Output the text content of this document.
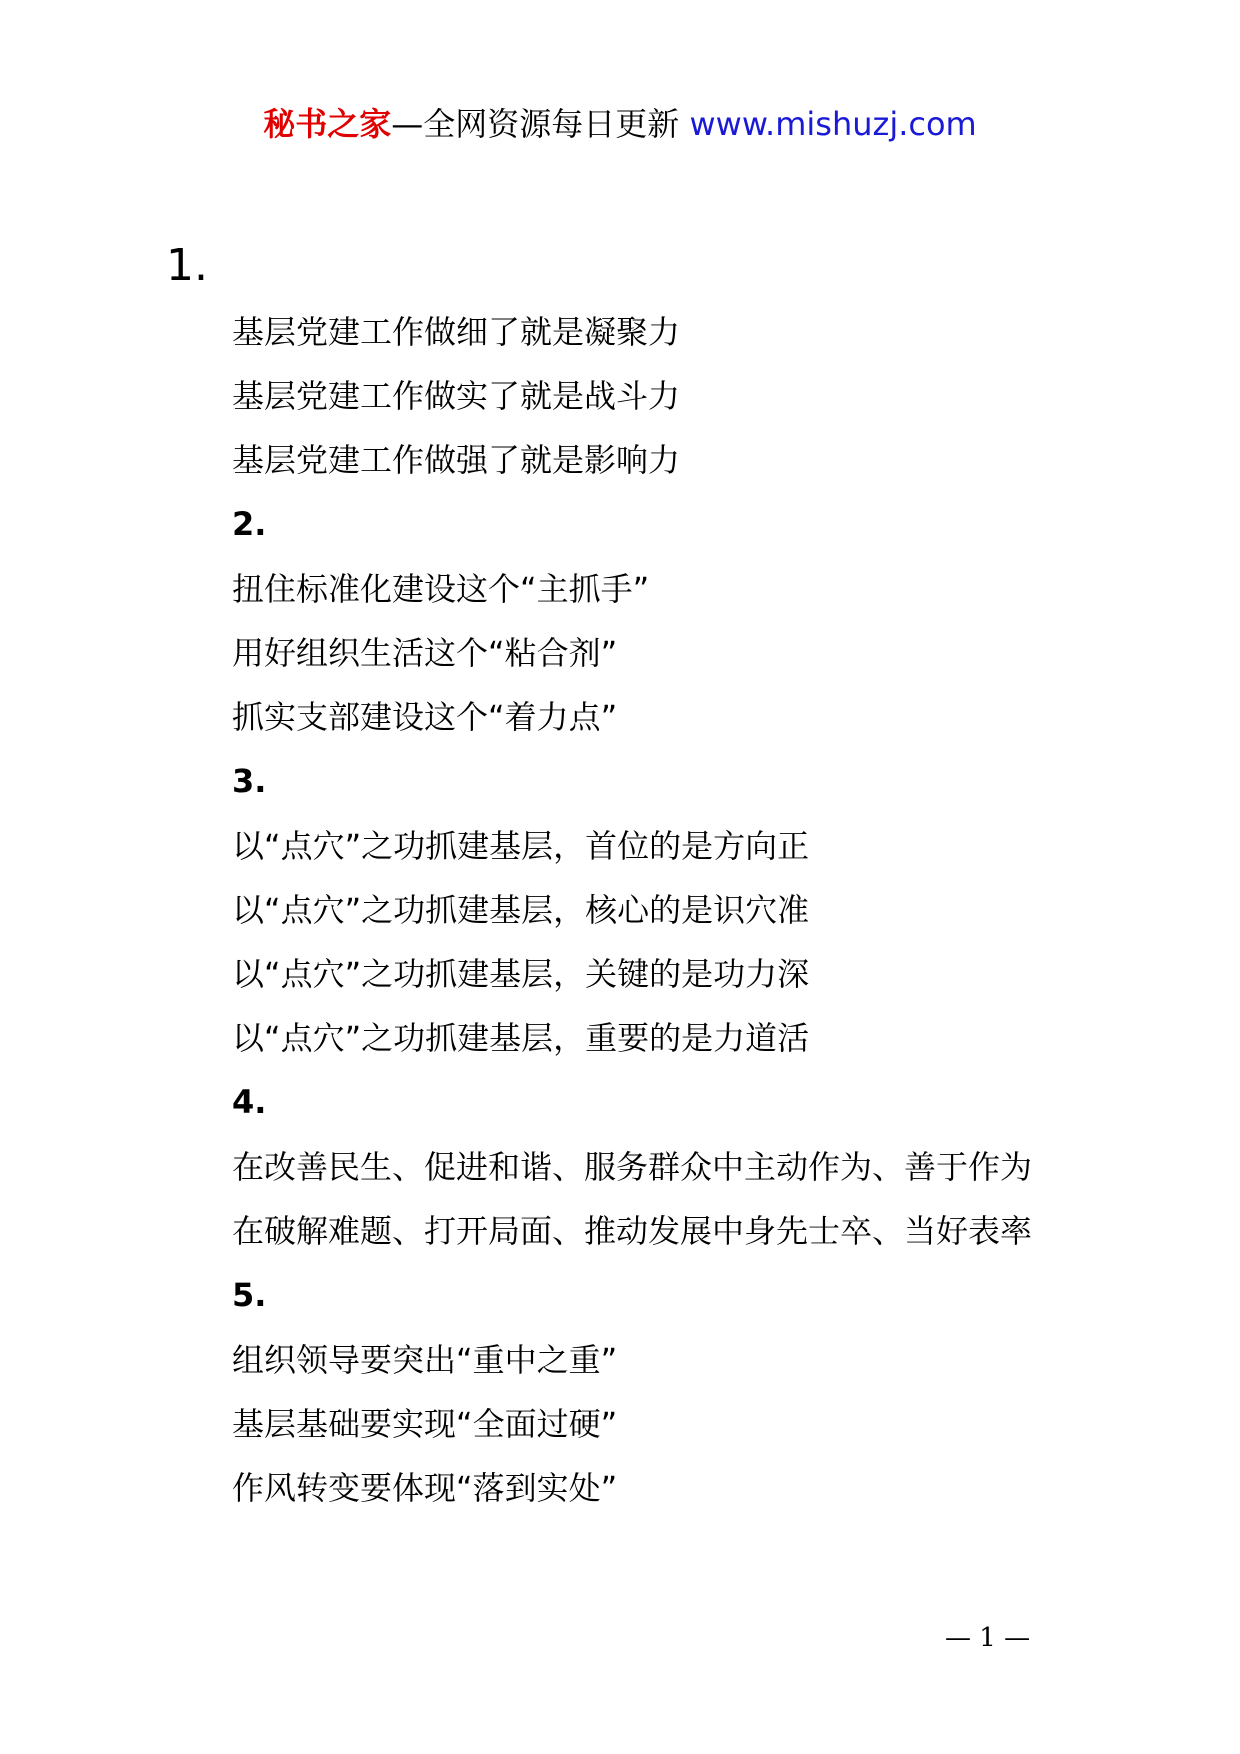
秘书之家—全网资源每日更新 www.mishuzj.com
1.
基层党建工作做细了就是凝聚力
基层党建工作做实了就是战斗力
基层党建工作做强了就是影响力
2.
扭住标准化建设这个“主抓手”
用好组织生活这个“粘合剂”
抓实支部建设这个“着力点”
3.
以“点穴”之功抓建基层，首位的是方向正
以“点穴”之功抓建基层，核心的是识穴准
以“点穴”之功抓建基层，关键的是功力深
以“点穴”之功抓建基层，重要的是力道活
4.
在改善民生、促进和谐、服务群众中主动作为、善于作为
在破解难题、打开局面、推动发展中身先士卒、当好表率
5.
组织领导要突出“重中之重”
基层基础要实现“全面过硬”
作风转变要体现“落到实处”
— 1 —
